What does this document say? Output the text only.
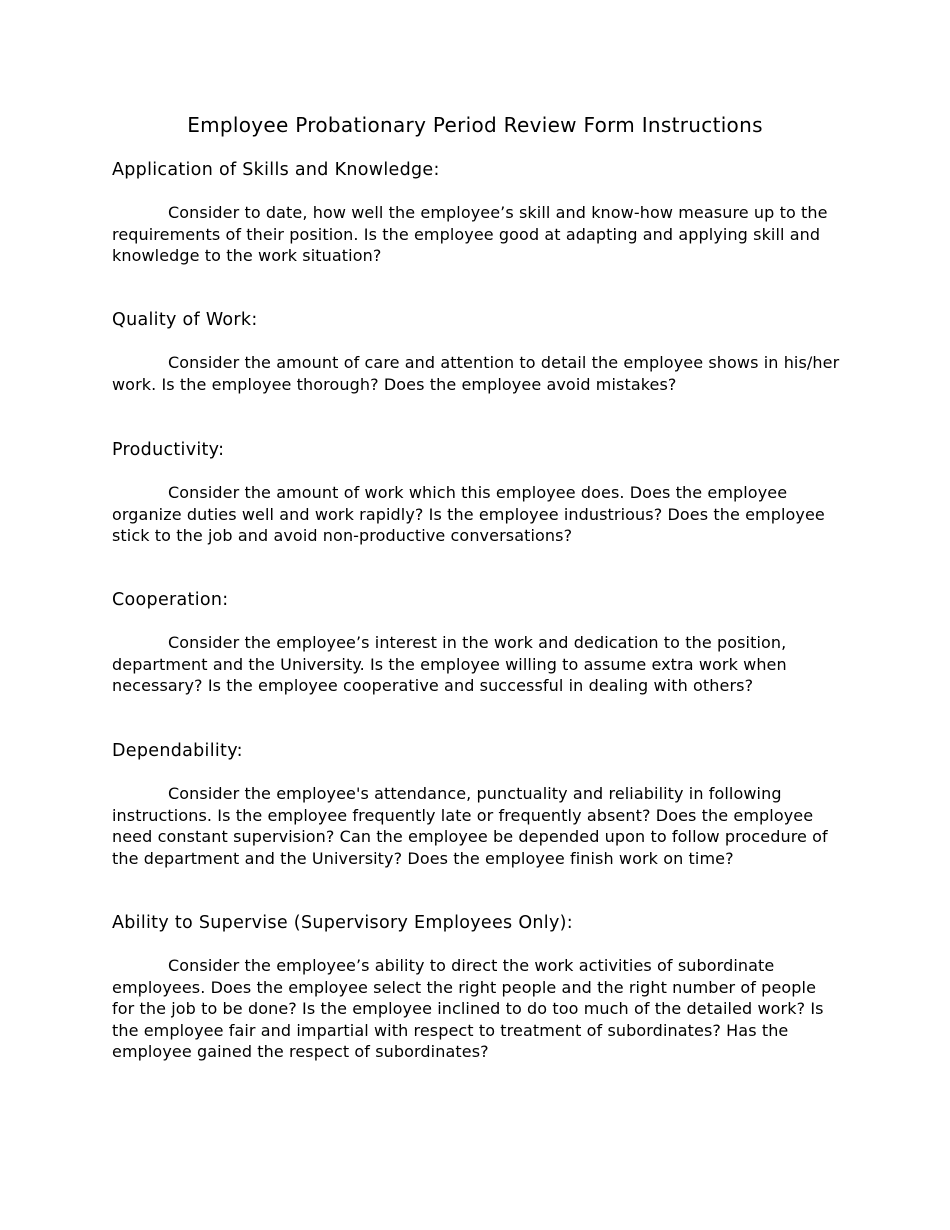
Employee Probationary Period Review Form Instructions
Application of Skills and Knowledge:

Consider to date, how well the employee’s skill and know-how measure up to the requirements of their position. Is the employee good at adapting and applying skill and knowledge to the work situation?

Quality of Work:

Consider the amount of care and attention to detail the employee shows in his/her work. Is the employee thorough? Does the employee avoid mistakes?

Productivity:

Consider the amount of work which this employee does. Does the employee organize duties well and work rapidly? Is the employee industrious? Does the employee stick to the job and avoid non-productive conversations?

Cooperation:

Consider the employee’s interest in the work and dedication to the position, department and the University. Is the employee willing to assume extra work when necessary? Is the employee cooperative and successful in dealing with others?

Dependability:

Consider the employee's attendance, punctuality and reliability in following instructions. Is the employee frequently late or frequently absent? Does the employee need constant supervision? Can the employee be depended upon to follow procedure of the department and the University? Does the employee finish work on time?

Ability to Supervise (Supervisory Employees Only):

Consider the employee’s ability to direct the work activities of subordinate employees. Does the employee select the right people and the right number of people for the job to be done? Is the employee inclined to do too much of the detailed work? Is the employee fair and impartial with respect to treatment of subordinates? Has the employee gained the respect of subordinates?
